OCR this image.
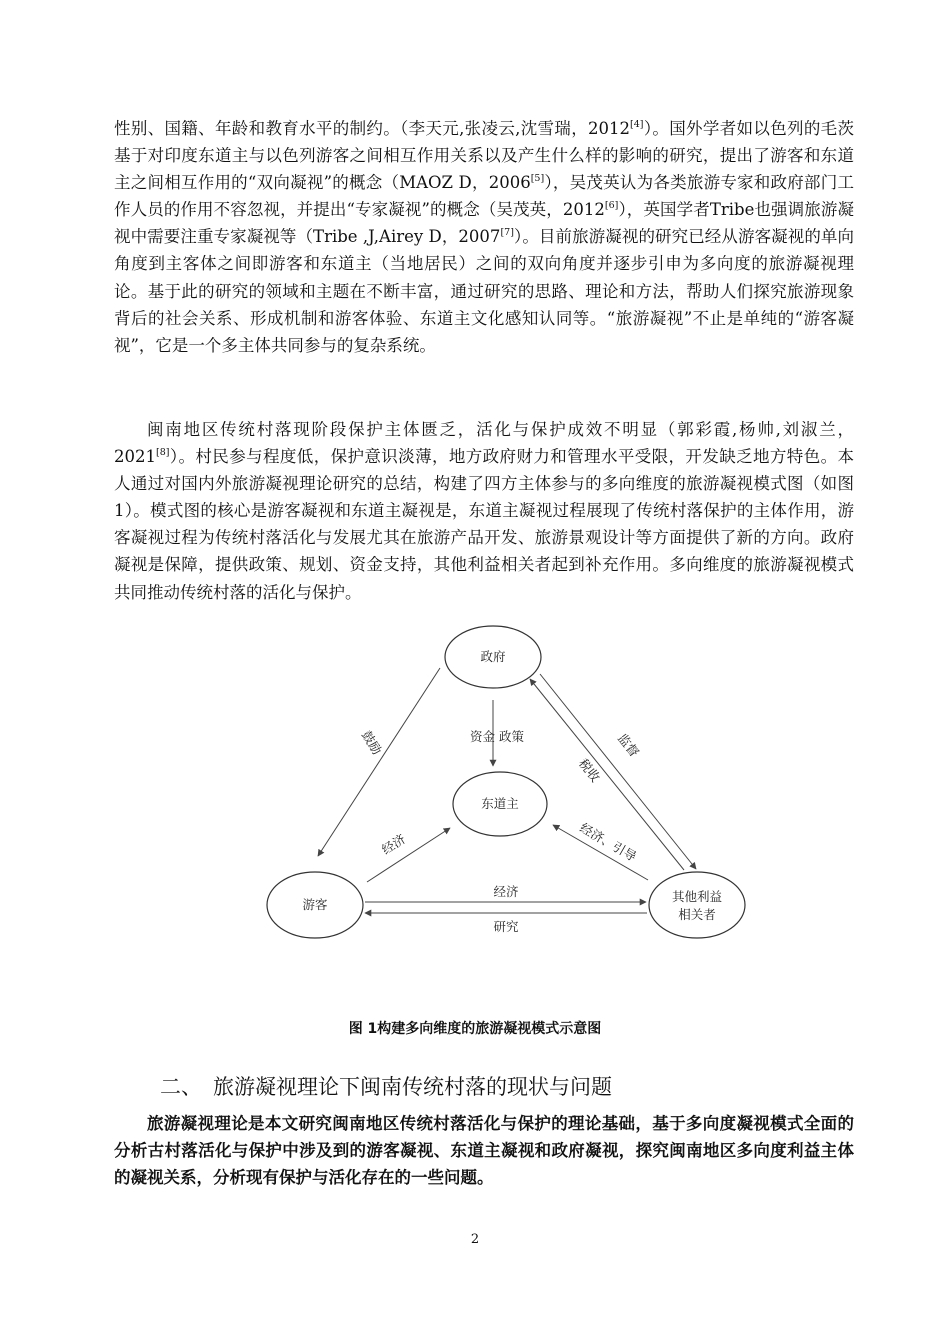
性别、国籍、年龄和教育水平的制约。（李天元,张凌云,沈雪瑞，2012[4]）。国外学者如以色列的毛茨基于对印度东道主与以色列游客之间相互作用关系以及产生什么样的影响的研究，提出了游客和东道主之间相互作用的“双向凝视”的概念（MAOZ D，2006[5]），吴茂英认为各类旅游专家和政府部门工作人员的作用不容忽视，并提出“专家凝视”的概念（吴茂英，2012[6]），英国学者Tribe也强调旅游凝视中需要注重专家凝视等（Tribe ,J,Airey D，2007[7]）。目前旅游凝视的研究已经从游客凝视的单向角度到主客体之间即游客和东道主（当地居民）之间的双向角度并逐步引申为多向度的旅游凝视理论。基于此的研究的领域和主题在不断丰富，通过研究的思路、理论和方法，帮助人们探究旅游现象背后的社会关系、形成机制和游客体验、东道主文化感知认同等。“旅游凝视”不止是单纯的“游客凝视”，它是一个多主体共同参与的复杂系统。

闽南地区传统村落现阶段保护主体匮乏，活化与保护成效不明显（郭彩霞,杨帅,刘淑兰，2021[8]）。村民参与程度低，保护意识淡薄，地方政府财力和管理水平受限，开发缺乏地方特色。本人通过对国内外旅游凝视理论研究的总结，构建了四方主体参与的多向维度的旅游凝视模式图（如图1）。模式图的核心是游客凝视和东道主凝视是，东道主凝视过程展现了传统村落保护的主体作用，游客凝视过程为传统村落活化与发展尤其在旅游产品开发、旅游景观设计等方面提供了新的方向。政府凝视是保障，提供政策、规划、资金支持，其他利益相关者起到补充作用。多向维度的旅游凝视模式共同推动传统村落的活化与保护。

政府
东道主
游客
其他利益
相关者
鼓励	资金 政策
经济	经济、引导
监督
税收
经济
研究
图 1构建多向维度的旅游凝视模式示意图
二、 旅游凝视理论下闽南传统村落的现状与问题

旅游凝视理论是本文研究闽南地区传统村落活化与保护的理论基础，基于多向度凝视模式全面的分析古村落活化与保护中涉及到的游客凝视、东道主凝视和政府凝视，探究闽南地区多向度利益主体的凝视关系，分析现有保护与活化存在的一些问题。

2
